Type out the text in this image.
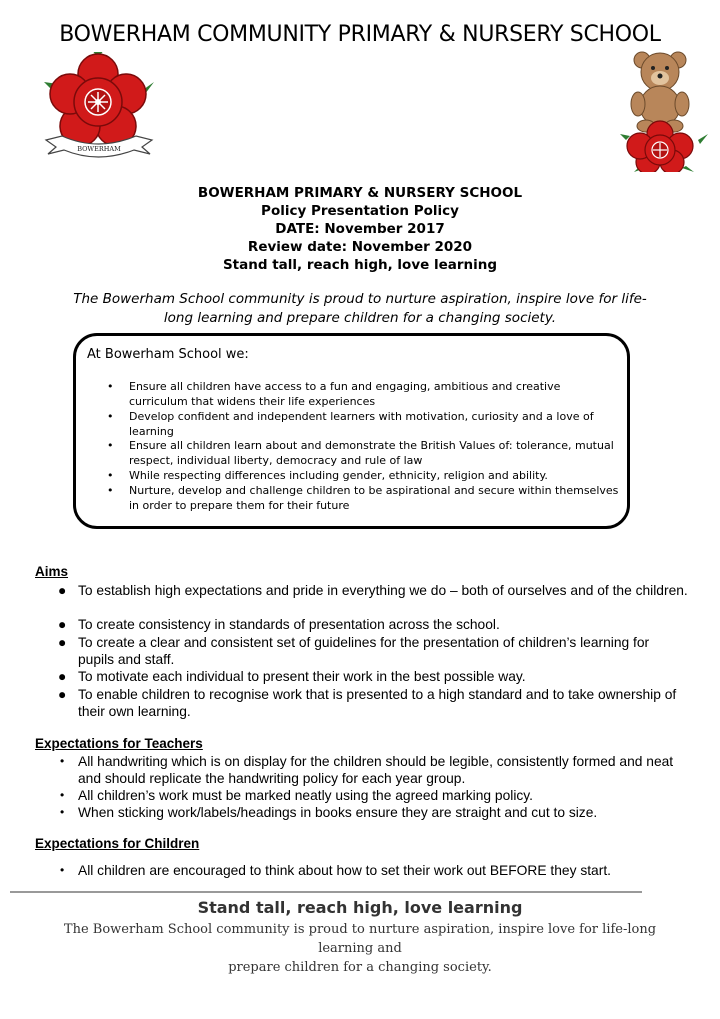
BOWERHAM COMMUNITY PRIMARY & NURSERY SCHOOL
BOWERHAM
BOWERHAM PRIMARY & NURSERY SCHOOL
Policy Presentation Policy
DATE: November 2017
Review date: November 2020
Stand tall, reach high, love learning
The Bowerham School community is proud to nurture aspiration, inspire love for life-
long learning and prepare children for a changing society.
At Bowerham School we:
• Ensure all children have access to a fun and engaging, ambitious and creative curriculum that widens their life experiences
• Develop confident and independent learners with motivation, curiosity and a love of learning
• Ensure all children learn about and demonstrate the British Values of: tolerance, mutual respect, individual liberty, democracy and rule of law
• While respecting differences including gender, ethnicity, religion and ability.
• Nurture, develop and challenge children to be aspirational and secure within themselves in order to prepare them for their future
Aims
● To establish high expectations and pride in everything we do – both of ourselves and of the children.
● To create consistency in standards of presentation across the school.
● To create a clear and consistent set of guidelines for the presentation of children’s learning for pupils and staff.
● To motivate each individual to present their work in the best possible way.
● To enable children to recognise work that is presented to a high standard and to take ownership of their own learning.
Expectations for Teachers
• All handwriting which is on display for the children should be legible, consistently formed and neat and should replicate the handwriting policy for each year group.
• All children’s work must be marked neatly using the agreed marking policy.
• When sticking work/labels/headings in books ensure they are straight and cut to size.
Expectations for Children
• All children are encouraged to think about how to set their work out BEFORE they start.
Stand tall, reach high, love learning
The Bowerham School community is proud to nurture aspiration, inspire love for life-long learning and
prepare children for a changing society.
